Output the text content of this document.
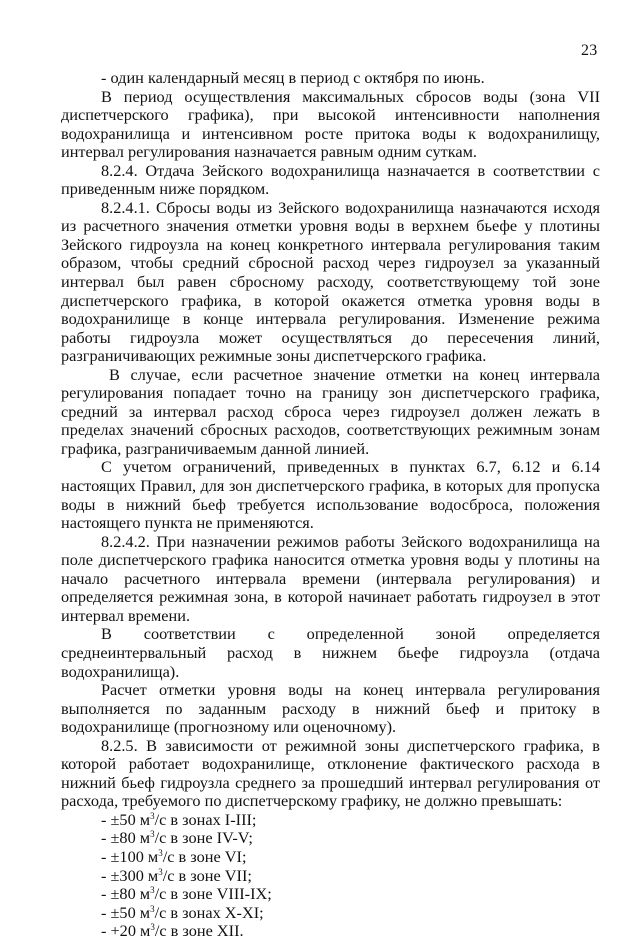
23

- один календарный месяц в период с октября по июнь.

В период осуществления максимальных сбросов воды (зона VII диспетчерского графика), при высокой интенсивности наполнения водохранилища и интенсивном росте притока воды к водохранилищу, интервал регулирования назначается равным одним суткам.

8.2.4. Отдача Зейского водохранилища назначается в соответствии с приведенным ниже порядком.

8.2.4.1. Сбросы воды из Зейского водохранилища назначаются исходя из расчетного значения отметки уровня воды в верхнем бьефе у плотины Зейского гидроузла на конец конкретного интервала регулирования таким образом, чтобы средний сбросной расход через гидроузел за указанный интервал был равен сбросному расходу, соответствующему той зоне диспетчерского графика, в которой окажется отметка уровня воды в водохранилище в конце интервала регулирования. Изменение режима работы гидроузла может осуществляться до пересечения линий, разграничивающих режимные зоны диспетчерского графика.

В случае, если расчетное значение отметки на конец интервала регулирования попадает точно на границу зон диспетчерского графика, средний за интервал расход сброса через гидроузел должен лежать в пределах значений сбросных расходов, соответствующих режимным зонам графика, разграничиваемым данной линией.

С учетом ограничений, приведенных в пунктах 6.7, 6.12 и 6.14 настоящих Правил, для зон диспетчерского графика, в которых для пропуска воды в нижний бьеф требуется использование водосброса, положения настоящего пункта не применяются.

8.2.4.2. При назначении режимов работы Зейского водохранилища на поле диспетчерского графика наносится отметка уровня воды у плотины на начало расчетного интервала времени (интервала регулирования) и определяется режимная зона, в которой начинает работать гидроузел в этот интервал времени.

В соответствии с определенной зоной определяется среднеинтервальный расход в нижнем бьефе гидроузла (отдача водохранилища).

Расчет отметки уровня воды на конец интервала регулирования выполняется по заданным расходу в нижний бьеф и притоку в водохранилище (прогнозному или оценочному).

8.2.5. В зависимости от режимной зоны диспетчерского графика, в которой работает водохранилище, отклонение фактического расхода в нижний бьеф гидроузла среднего за прошедший интервал регулирования от расхода, требуемого по диспетчерскому графику, не должно превышать:

- ±50 $м^3/с$ в зонах I-III;
- ±80 $м^3/с$ в зоне IV-V;
- ±100 $м^3/с$ в зоне VI;
- ±300 $м^3/с$ в зоне VII;
- ±80 $м^3/с$ в зоне VIII-IX;
- ±50 $м^3/с$ в зонах X-XI;
- +20 $м^3/с$ в зоне XII.
